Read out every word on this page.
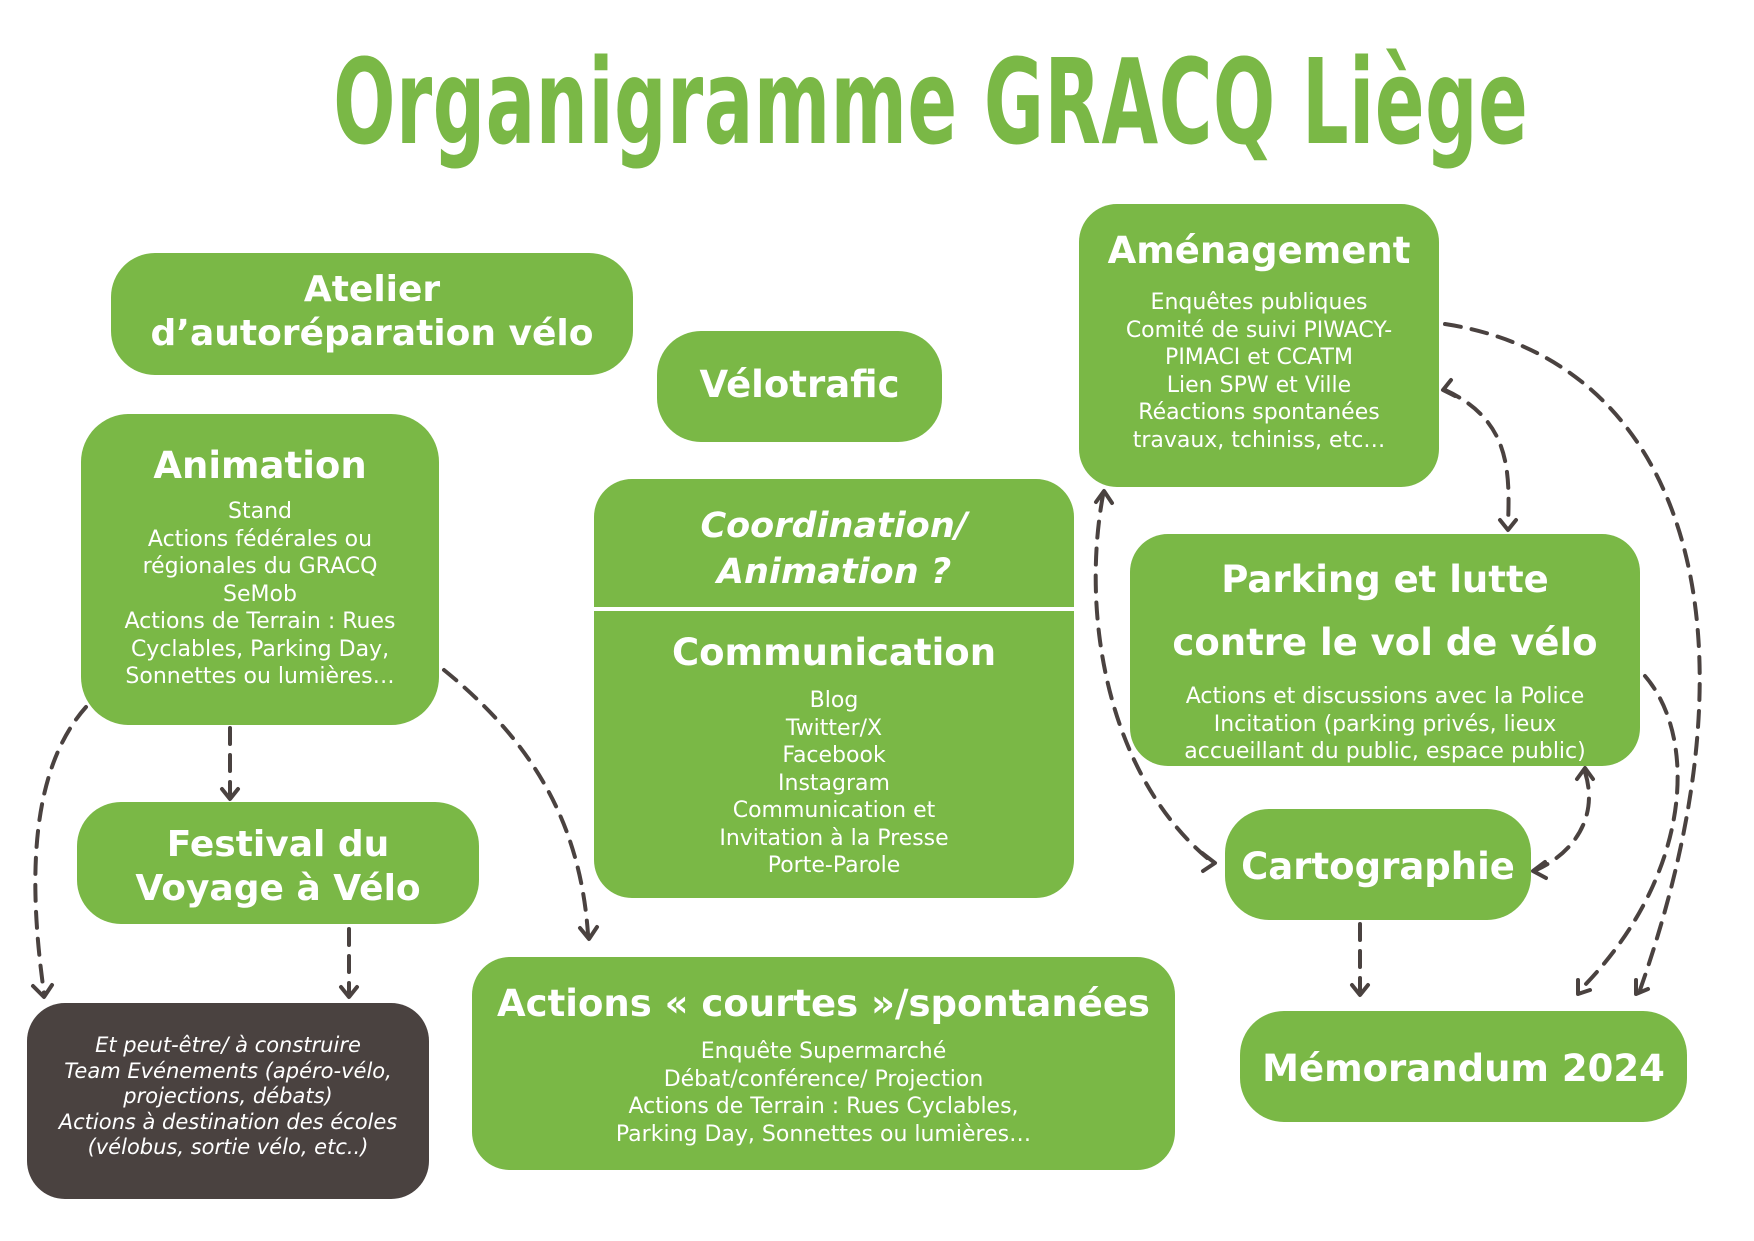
Organigramme GRACQ Liège
Atelier
d’autoréparation vélo
Vélotrafic
Animation
Stand
Actions fédérales ou
régionales du GRACQ
SeMob
Actions de Terrain : Rues
Cyclables, Parking Day,
Sonnettes ou lumières…
Festival du
Voyage à Vélo
Coordination/
Animation ?
Communication
Blog
Twitter/X
Facebook
Instagram
Communication et
Invitation à la Presse
Porte-Parole
Aménagement
Enquêtes publiques
Comité de suivi PIWACY-
PIMACI et CCATM
Lien SPW et Ville
Réactions spontanées
travaux, tchiniss, etc…
Parking et lutte
contre le vol de vélo
Actions et discussions avec la Police
Incitation (parking privés, lieux
accueillant du public, espace public)
Cartographie
Mémorandum 2024
Actions « courtes »/spontanées
Enquête Supermarché
Débat/conférence/ Projection
Actions de Terrain : Rues Cyclables,
Parking Day, Sonnettes ou lumières…
Et peut-être/ à construire
Team Evénements (apéro-vélo,
projections, débats)
Actions à destination des écoles
(vélobus, sortie vélo, etc..)
